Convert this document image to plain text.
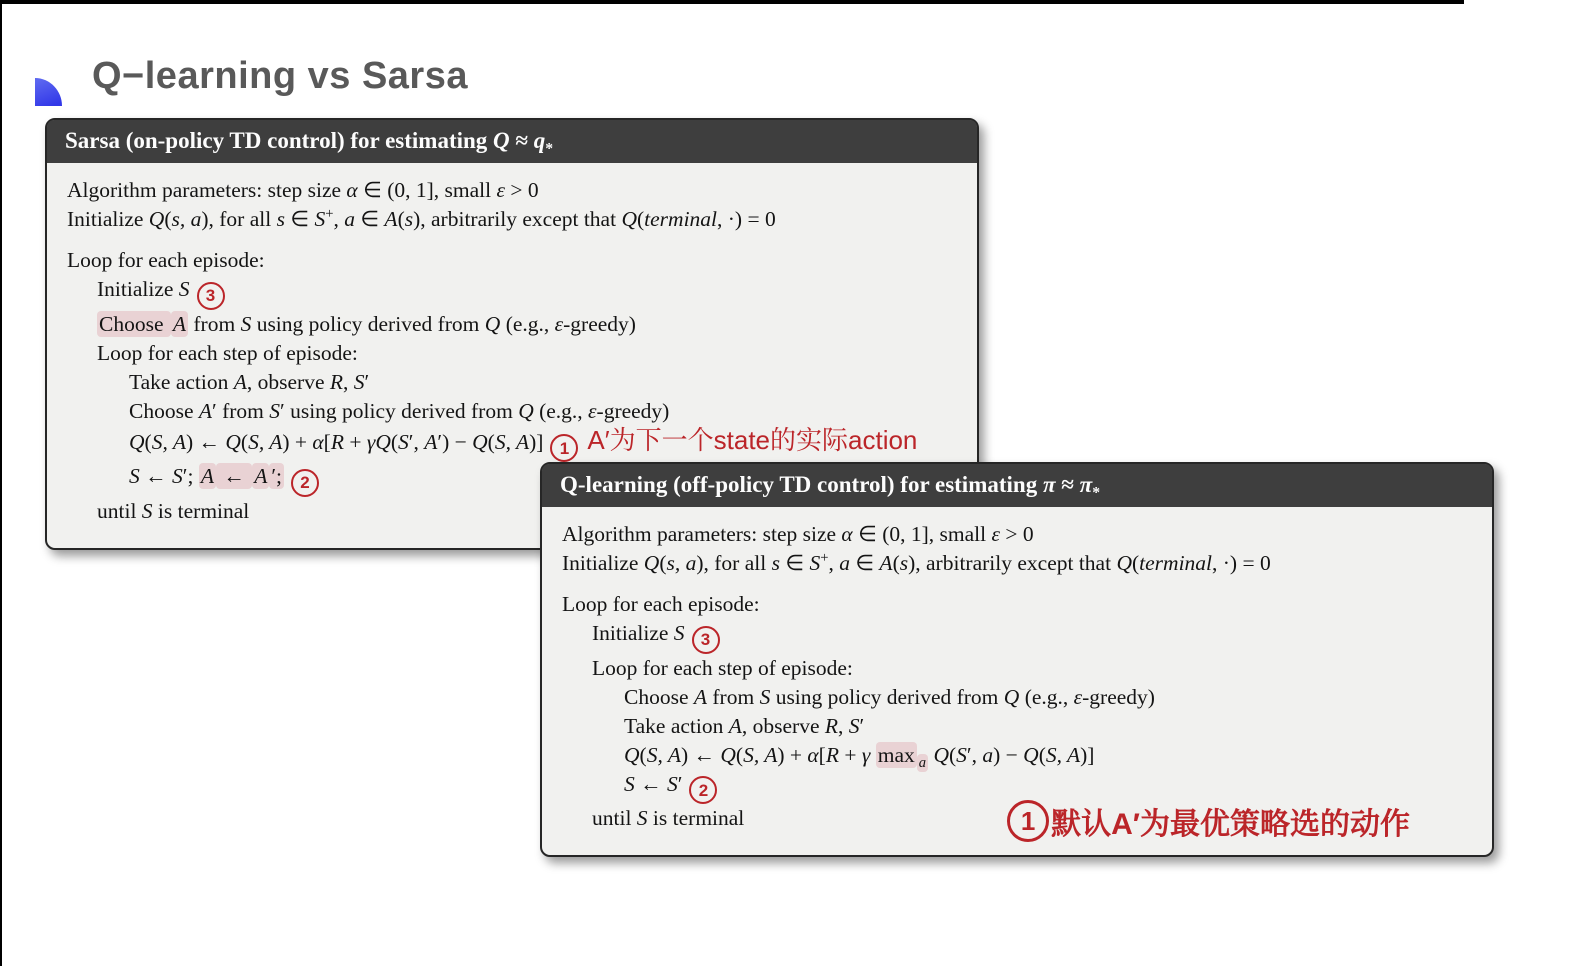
Q−learning vs Sarsa
Sarsa (on-policy TD control) for estimating $Q \approx q_*$
Algorithm parameters: step size α ∈ (0, 1], small ε > 0
Initialize Q(s, a), for all s ∈ S+, a ∈ A(s), arbitrarily except that Q(terminal, ·) = 0
Loop for each episode:
Initialize S 3
Choose A from S using policy derived from Q (e.g., ε-greedy)
Loop for each step of episode:
Take action A, observe R, S′
Choose A′ from S′ using policy derived from Q (e.g., ε-greedy)
Q(S, A) ← Q(S, A) + α[R + γQ(S′, A′) − Q(S, A)] 1 A′为下一个state的实际action
S ← S′; A ← A ′; 2
until S is terminal
Q-learning (off-policy TD control) for estimating $\pi \approx \pi_*$
Algorithm parameters: step size α ∈ (0, 1], small ε > 0
Initialize Q(s, a), for all s ∈ S+, a ∈ A(s), arbitrarily except that Q(terminal, ·) = 0
Loop for each episode:
Initialize S 3
Loop for each step of episode:
Choose A from S using policy derived from Q (e.g., ε-greedy)
Take action A, observe R, S′
Q(S, A) ← Q(S, A) + α[R + γ max $_a$ Q(S′, a) − Q(S, A)]
S ← S′ 2
until S is terminal	1 默认A′为最优策略选的动作
